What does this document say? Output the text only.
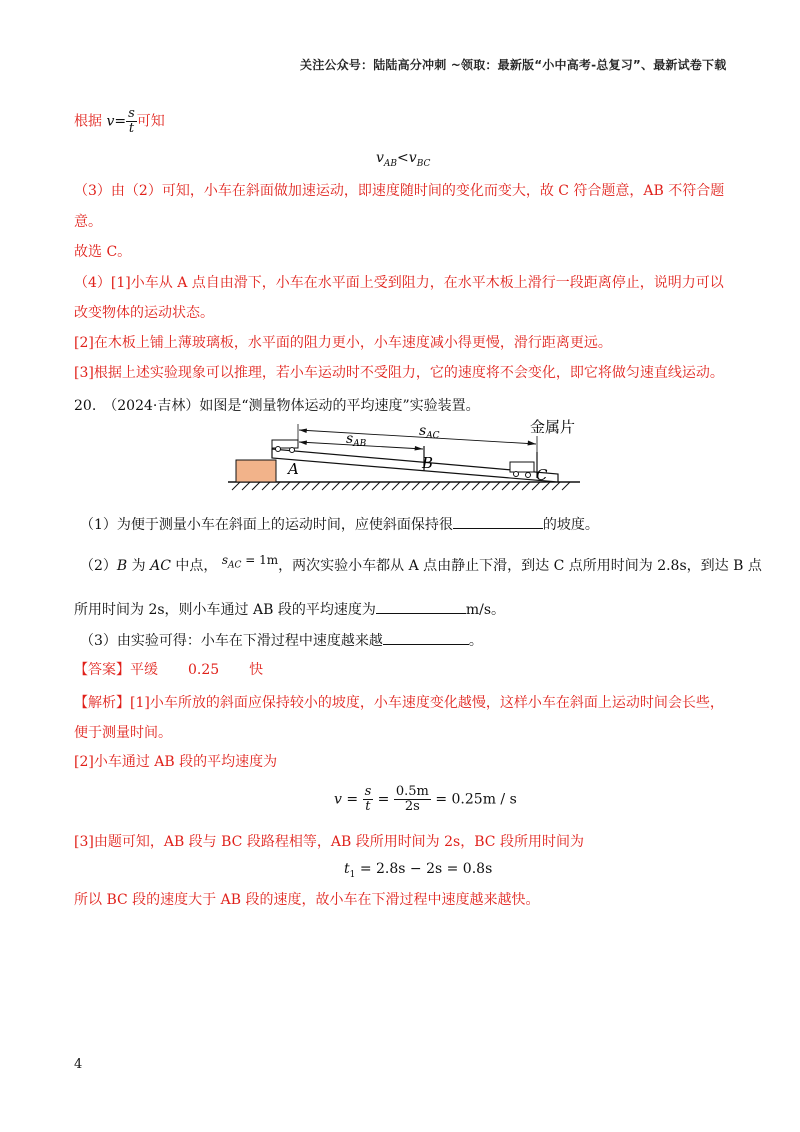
关注公众号：陆陆高分冲刺 ~领取：最新版“小中高考-总复习”、最新试卷下载
根据 $v= \frac{s}{t}$ 可知
$v_{AB}<v_{BC}$
（3）由（2）可知，小车在斜面做加速运动，即速度随时间的变化而变大，故 C 符合题意，AB 不符合题
意。
故选 C。
（4）[1]小车从 A 点自由滑下，小车在水平面上受到阻力，在水平木板上滑行一段距离停止，说明力可以
改变物体的运动状态。
[2]在木板上铺上薄玻璃板，水平面的阻力更小，小车速度减小得更慢，滑行距离更远。
[3]根据上述实验现象可以推理，若小车运动时不受阻力，它的速度将不会变化，即它将做匀速直线运动。
20.　（2024·吉林）如图是“测量物体运动的平均速度”实验装置。
金属片
$s_{AC}$
$s_{AB}$
A	B
C
（1）为便于测量小车在斜面上的运动时间，应使斜面保持很	的坡度。
（2）B 为 AC 中点， $s_{AC} = 1m$，两次实验小车都从 A 点由静止下滑，到达 C 点所用时间为 2.8s，到达 B 点
所用时间为 2s，则小车通过 AB 段的平均速度为	m/s。
（3）由实验可得：小车在下滑过程中速度越来越	。
【答案】平缓 0.25 快
【解析】[1]小车所放的斜面应保持较小的坡度，小车速度变化越慢，这样小车在斜面上运动时间会长些，
便于测量时间。
[2]小车通过 AB 段的平均速度为
$v = \frac{s}{t} = \frac{0.5m}{2s} = 0.25m / s$
[3]由题可知，AB 段与 BC 段路程相等，AB 段所用时间为 2s，BC 段所用时间为
$t_1 = 2.8s - 2s = 0.8s$
所以 BC 段的速度大于 AB 段的速度，故小车在下滑过程中速度越来越快。
4
